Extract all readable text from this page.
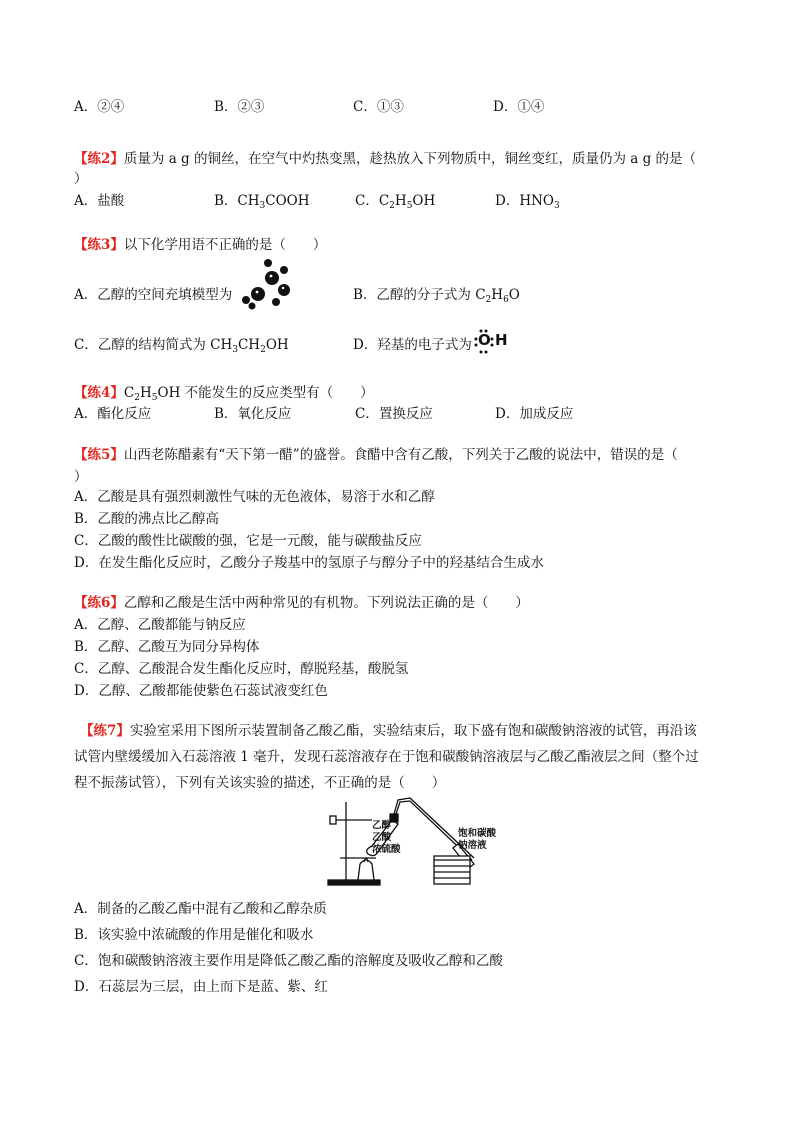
A．②④	B．②③	C．①③	D．①④
【练2】质量为 a g 的铜丝，在空气中灼热变黑，趁热放入下列物质中，铜丝变红，质量仍为 a g 的是（
）
A．盐酸	B．$CH_3COOH$	C．$C_2H_5OH$	D．$HNO_3$
【练3】以下化学用语不正确的是（　　）
A．乙醇的空间充填模型为	B．乙醇的分子式为 $C_2H_6O$
C．乙醇的结构简式为 $CH_3CH_2OH$	D．羟基的电子式为 O H
【练4】$C_2H_5OH$ 不能发生的反应类型有（　　）
A．酯化反应	B．氧化反应	C．置换反应	D．加成反应
【练5】山西老陈醋素有“天下第一醋”的盛誉。食醋中含有乙酸，下列关于乙酸的说法中，错误的是（
）
A．乙酸是具有强烈刺激性气味的无色液体，易溶于水和乙醇
B．乙酸的沸点比乙醇高
C．乙酸的酸性比碳酸的强，它是一元酸，能与碳酸盐反应
D．在发生酯化反应时，乙酸分子羧基中的氢原子与醇分子中的羟基结合生成水
【练6】乙醇和乙酸是生活中两种常见的有机物。下列说法正确的是（　　）
A．乙醇、乙酸都能与钠反应
B．乙醇、乙酸互为同分异构体
C．乙醇、乙酸混合发生酯化反应时，醇脱羟基，酸脱氢
D．乙醇、乙酸都能使紫色石蕊试液变红色
【练7】实验室采用下图所示装置制备乙酸乙酯，实验结束后，取下盛有饱和碳酸钠溶液的试管，再沿该
试管内壁缓缓加入石蕊溶液 1 毫升，发现石蕊溶液存在于饱和碳酸钠溶液层与乙酸乙酯液层之间（整个过
程不振荡试管），下列有关该实验的描述，不正确的是（　　）
乙醇
乙酸
浓硫酸
饱和碳酸
钠溶液
A．制备的乙酸乙酯中混有乙酸和乙醇杂质
B．该实验中浓硫酸的作用是催化和吸水
C．饱和碳酸钠溶液主要作用是降低乙酸乙酯的溶解度及吸收乙醇和乙酸
D．石蕊层为三层，由上而下是蓝、紫、红
